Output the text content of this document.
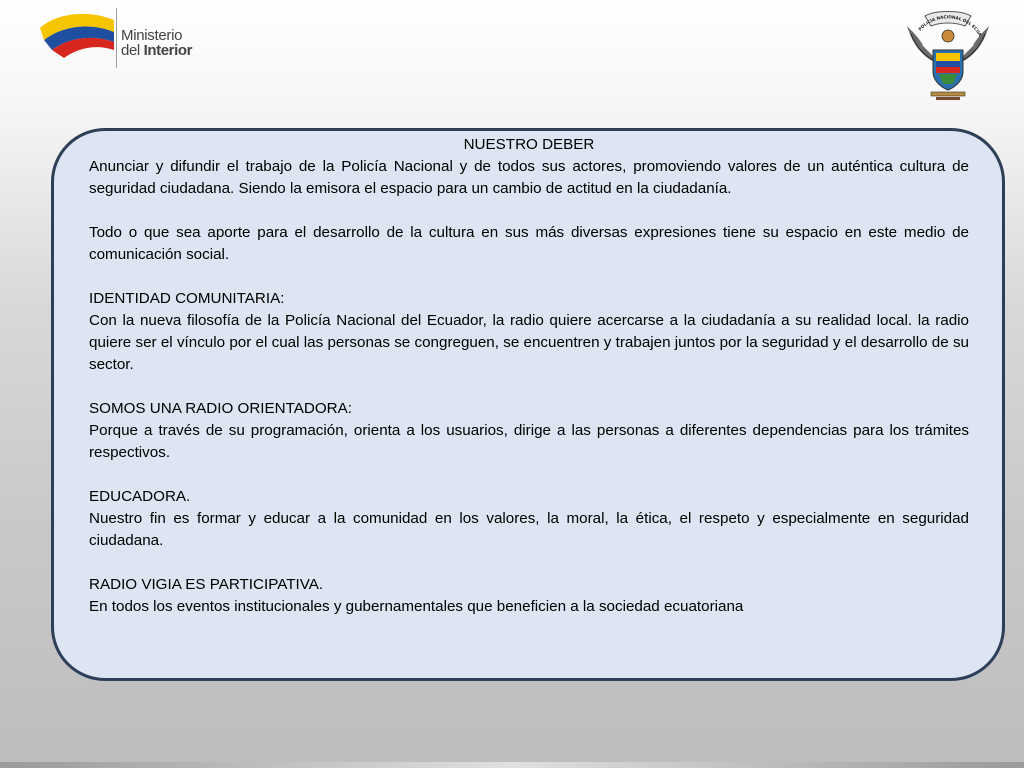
Ministerio
del Interior
POLICIA NACIONAL DEL ECUA

NUESTRO DEBER

Anunciar y difundir el trabajo de la Policía Nacional y de todos sus actores, promoviendo valores de un auténtica cultura de seguridad ciudadana. Siendo la emisora el espacio para un cambio de actitud en la ciudadanía.

Todo o que sea aporte para el desarrollo de la cultura en sus más diversas expresiones tiene su espacio en este medio de comunicación social.

IDENTIDAD COMUNITARIA:

Con la nueva filosofía de la Policía Nacional del Ecuador, la radio quiere acercarse a la ciudadanía a su realidad local. la radio quiere ser el vínculo por el cual las personas se congreguen, se encuentren y trabajen juntos por la seguridad y el desarrollo de su sector.

SOMOS UNA RADIO ORIENTADORA:

Porque a través de su programación, orienta a los usuarios, dirige a las personas a diferentes dependencias para los trámites respectivos.

EDUCADORA.

Nuestro fin es formar y educar a la comunidad en los valores, la moral, la ética, el respeto y especialmente en seguridad ciudadana.

RADIO VIGIA ES PARTICIPATIVA.

En todos los eventos institucionales y gubernamentales que beneficien a la sociedad ecuatoriana
